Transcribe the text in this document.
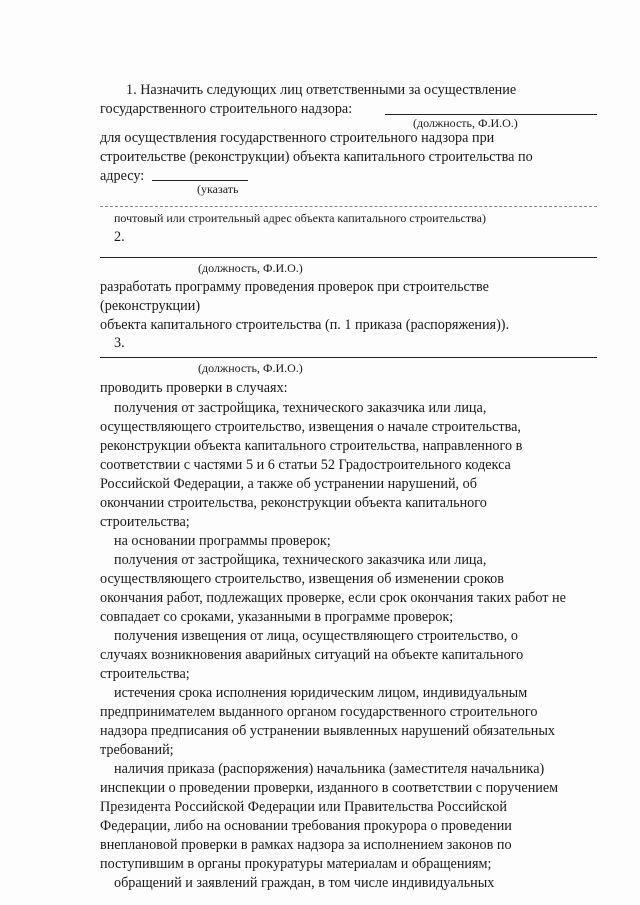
1. Назначить следующих лиц ответственными за осуществление
государственного строительного надзора:
(должность, Ф.И.О.)
для осуществления государственного строительного надзора при
строительстве (реконструкции) объекта капитального строительства по
адресу:
(указать
почтовый или строительный адрес объекта капитального строительства)
2.
(должность, Ф.И.О.)
разработать программу проведения проверок при строительстве
(реконструкции)
объекта капитального строительства (п. 1 приказа (распоряжения)).
3.
(должность, Ф.И.О.)
проводить проверки в случаях:
получения от застройщика, технического заказчика или лица,
осуществляющего строительство, извещения о начале строительства,
реконструкции объекта капитального строительства, направленного в
соответствии с частями 5 и 6 статьи 52 Градостроительного кодекса
Российской Федерации, а также об устранении нарушений, об
окончании строительства, реконструкции объекта капитального
строительства;
на основании программы проверок;
получения от застройщика, технического заказчика или лица,
осуществляющего строительство, извещения об изменении сроков
окончания работ, подлежащих проверке, если срок окончания таких работ не
совпадает со сроками, указанными в программе проверок;
получения извещения от лица, осуществляющего строительство, о
случаях возникновения аварийных ситуаций на объекте капитального
строительства;
истечения срока исполнения юридическим лицом, индивидуальным
предпринимателем выданного органом государственного строительного
надзора предписания об устранении выявленных нарушений обязательных
требований;
наличия приказа (распоряжения) начальника (заместителя начальника)
инспекции о проведении проверки, изданного в соответствии с поручением
Президента Российской Федерации или Правительства Российской
Федерации, либо на основании требования прокурора о проведении
внеплановой проверки в рамках надзора за исполнением законов по
поступившим в органы прокуратуры материалам и обращениям;
обращений и заявлений граждан, в том числе индивидуальных
